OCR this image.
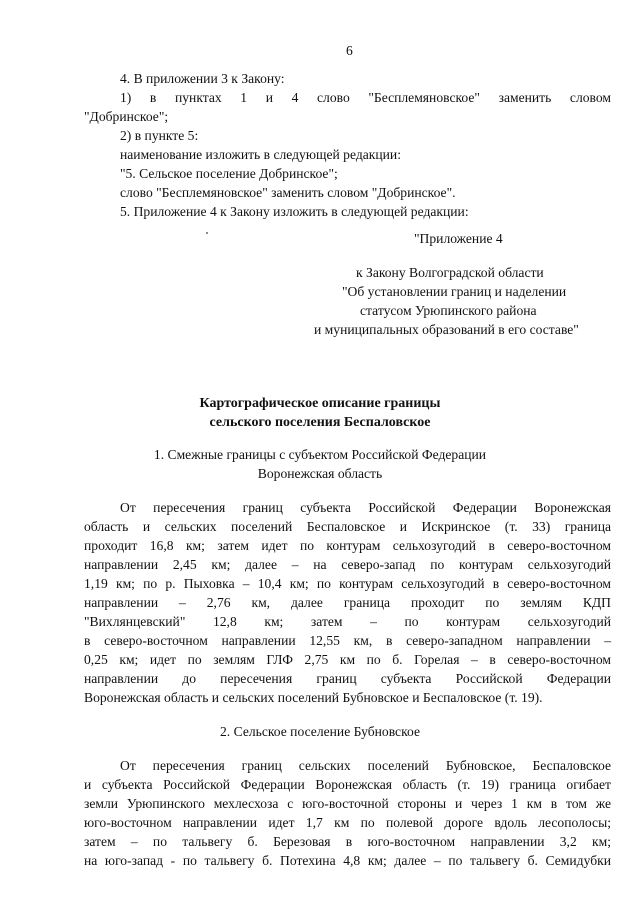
6
4. В приложении 3 к Закону:
1) в пунктах 1 и 4 слово "Бесплемяновское" заменить словом
"Добринское";
2) в пункте 5:
наименование изложить в следующей редакции:
"5. Сельское поселение Добринское";
слово "Бесплемяновское" заменить словом "Добринское".
5. Приложение 4 к Закону изложить в следующей редакции:
"Приложение 4
к Закону Волгоградской области
"Об установлении границ и наделении
статусом Урюпинского района
и муниципальных образований в его составе"
Картографическое описание границы
сельского поселения Беспаловское
1. Смежные границы с субъектом Российской Федерации
Воронежская область
От пересечения границ субъекта Российской Федерации Воронежская
область и сельских поселений Беспаловское и Искринское (т. 33) граница
проходит 16,8 км; затем идет по контурам сельхозугодий в северо-восточном
направлении 2,45 км; далее – на северо-запад по контурам сельхозугодий
1,19 км; по р. Пыховка – 10,4 км; по контурам сельхозугодий в северо-восточном
направлении – 2,76 км, далее граница проходит по землям КДП
"Вихлянцевский" 12,8 км; затем – по контурам сельхозугодий
в северо-восточном направлении 12,55 км, в северо-западном направлении –
0,25 км; идет по землям ГЛФ 2,75 км по б. Горелая – в северо-восточном
направлении до пересечения границ субъекта Российской Федерации
Воронежская область и сельских поселений Бубновское и Беспаловское (т. 19).
2. Сельское поселение Бубновское
От пересечения границ сельских поселений Бубновское, Беспаловское
и субъекта Российской Федерации Воронежская область (т. 19) граница огибает
земли Урюпинского мехлесхоза с юго-восточной стороны и через 1 км в том же
юго-восточном направлении идет 1,7 км по полевой дороге вдоль лесополосы;
затем – по тальвегу б. Березовая в юго-восточном направлении 3,2 км;
на юго-запад - по тальвегу б. Потехина 4,8 км; далее – по тальвегу б. Семидубки
